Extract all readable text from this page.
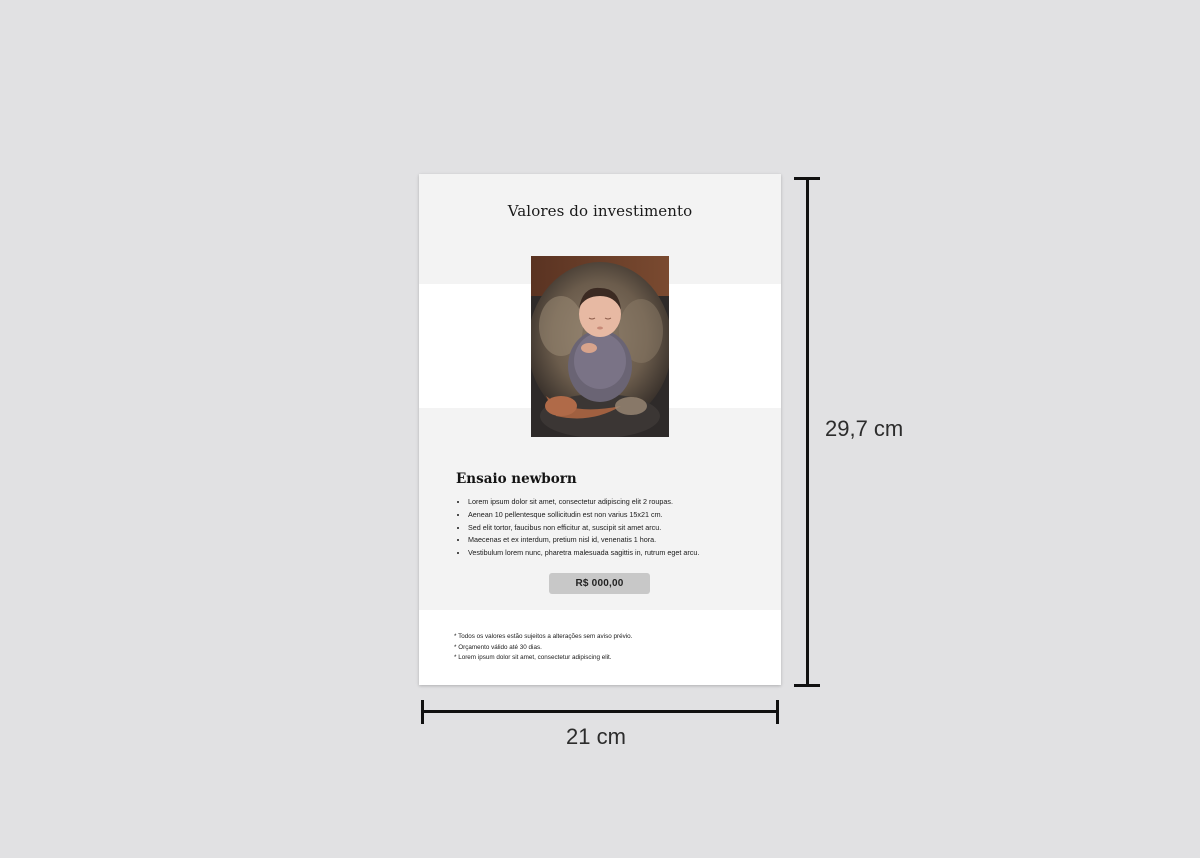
Valores do investimento
Ensaio newborn
• Lorem ipsum dolor sit amet, consectetur adipiscing elit 2 roupas.
• Aenean 10 pellentesque sollicitudin est non varius 15x21 cm.
• Sed elit tortor, faucibus non efficitur at, suscipit sit amet arcu.
• Maecenas et ex interdum, pretium nisl id, venenatis 1 hora.
• Vestibulum lorem nunc, pharetra malesuada sagittis in, rutrum eget arcu.
R$ 000,00
* Todos os valores estão sujeitos a alterações sem aviso prévio.
* Orçamento válido até 30 dias.
* Lorem ipsum dolor sit amet, consectetur adipiscing elit.
29,7 cm
21 cm
